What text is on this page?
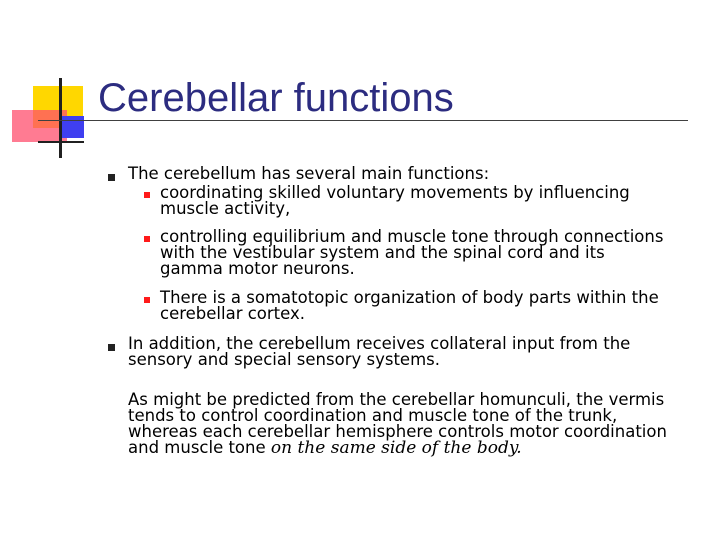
Cerebellar functions
The cerebellum has several main functions:
coordinating skilled voluntary movements by influencing
muscle activity,
controlling equilibrium and muscle tone through connections
with the vestibular system and the spinal cord and its
gamma motor neurons.
There is a somatotopic organization of body parts within the
cerebellar cortex.
In addition, the cerebellum receives collateral input from the
sensory and special sensory systems.
As might be predicted from the cerebellar homunculi, the vermis
tends to control coordination and muscle tone of the trunk,
whereas each cerebellar hemisphere controls motor coordination
and muscle tone on the same side of the body.
